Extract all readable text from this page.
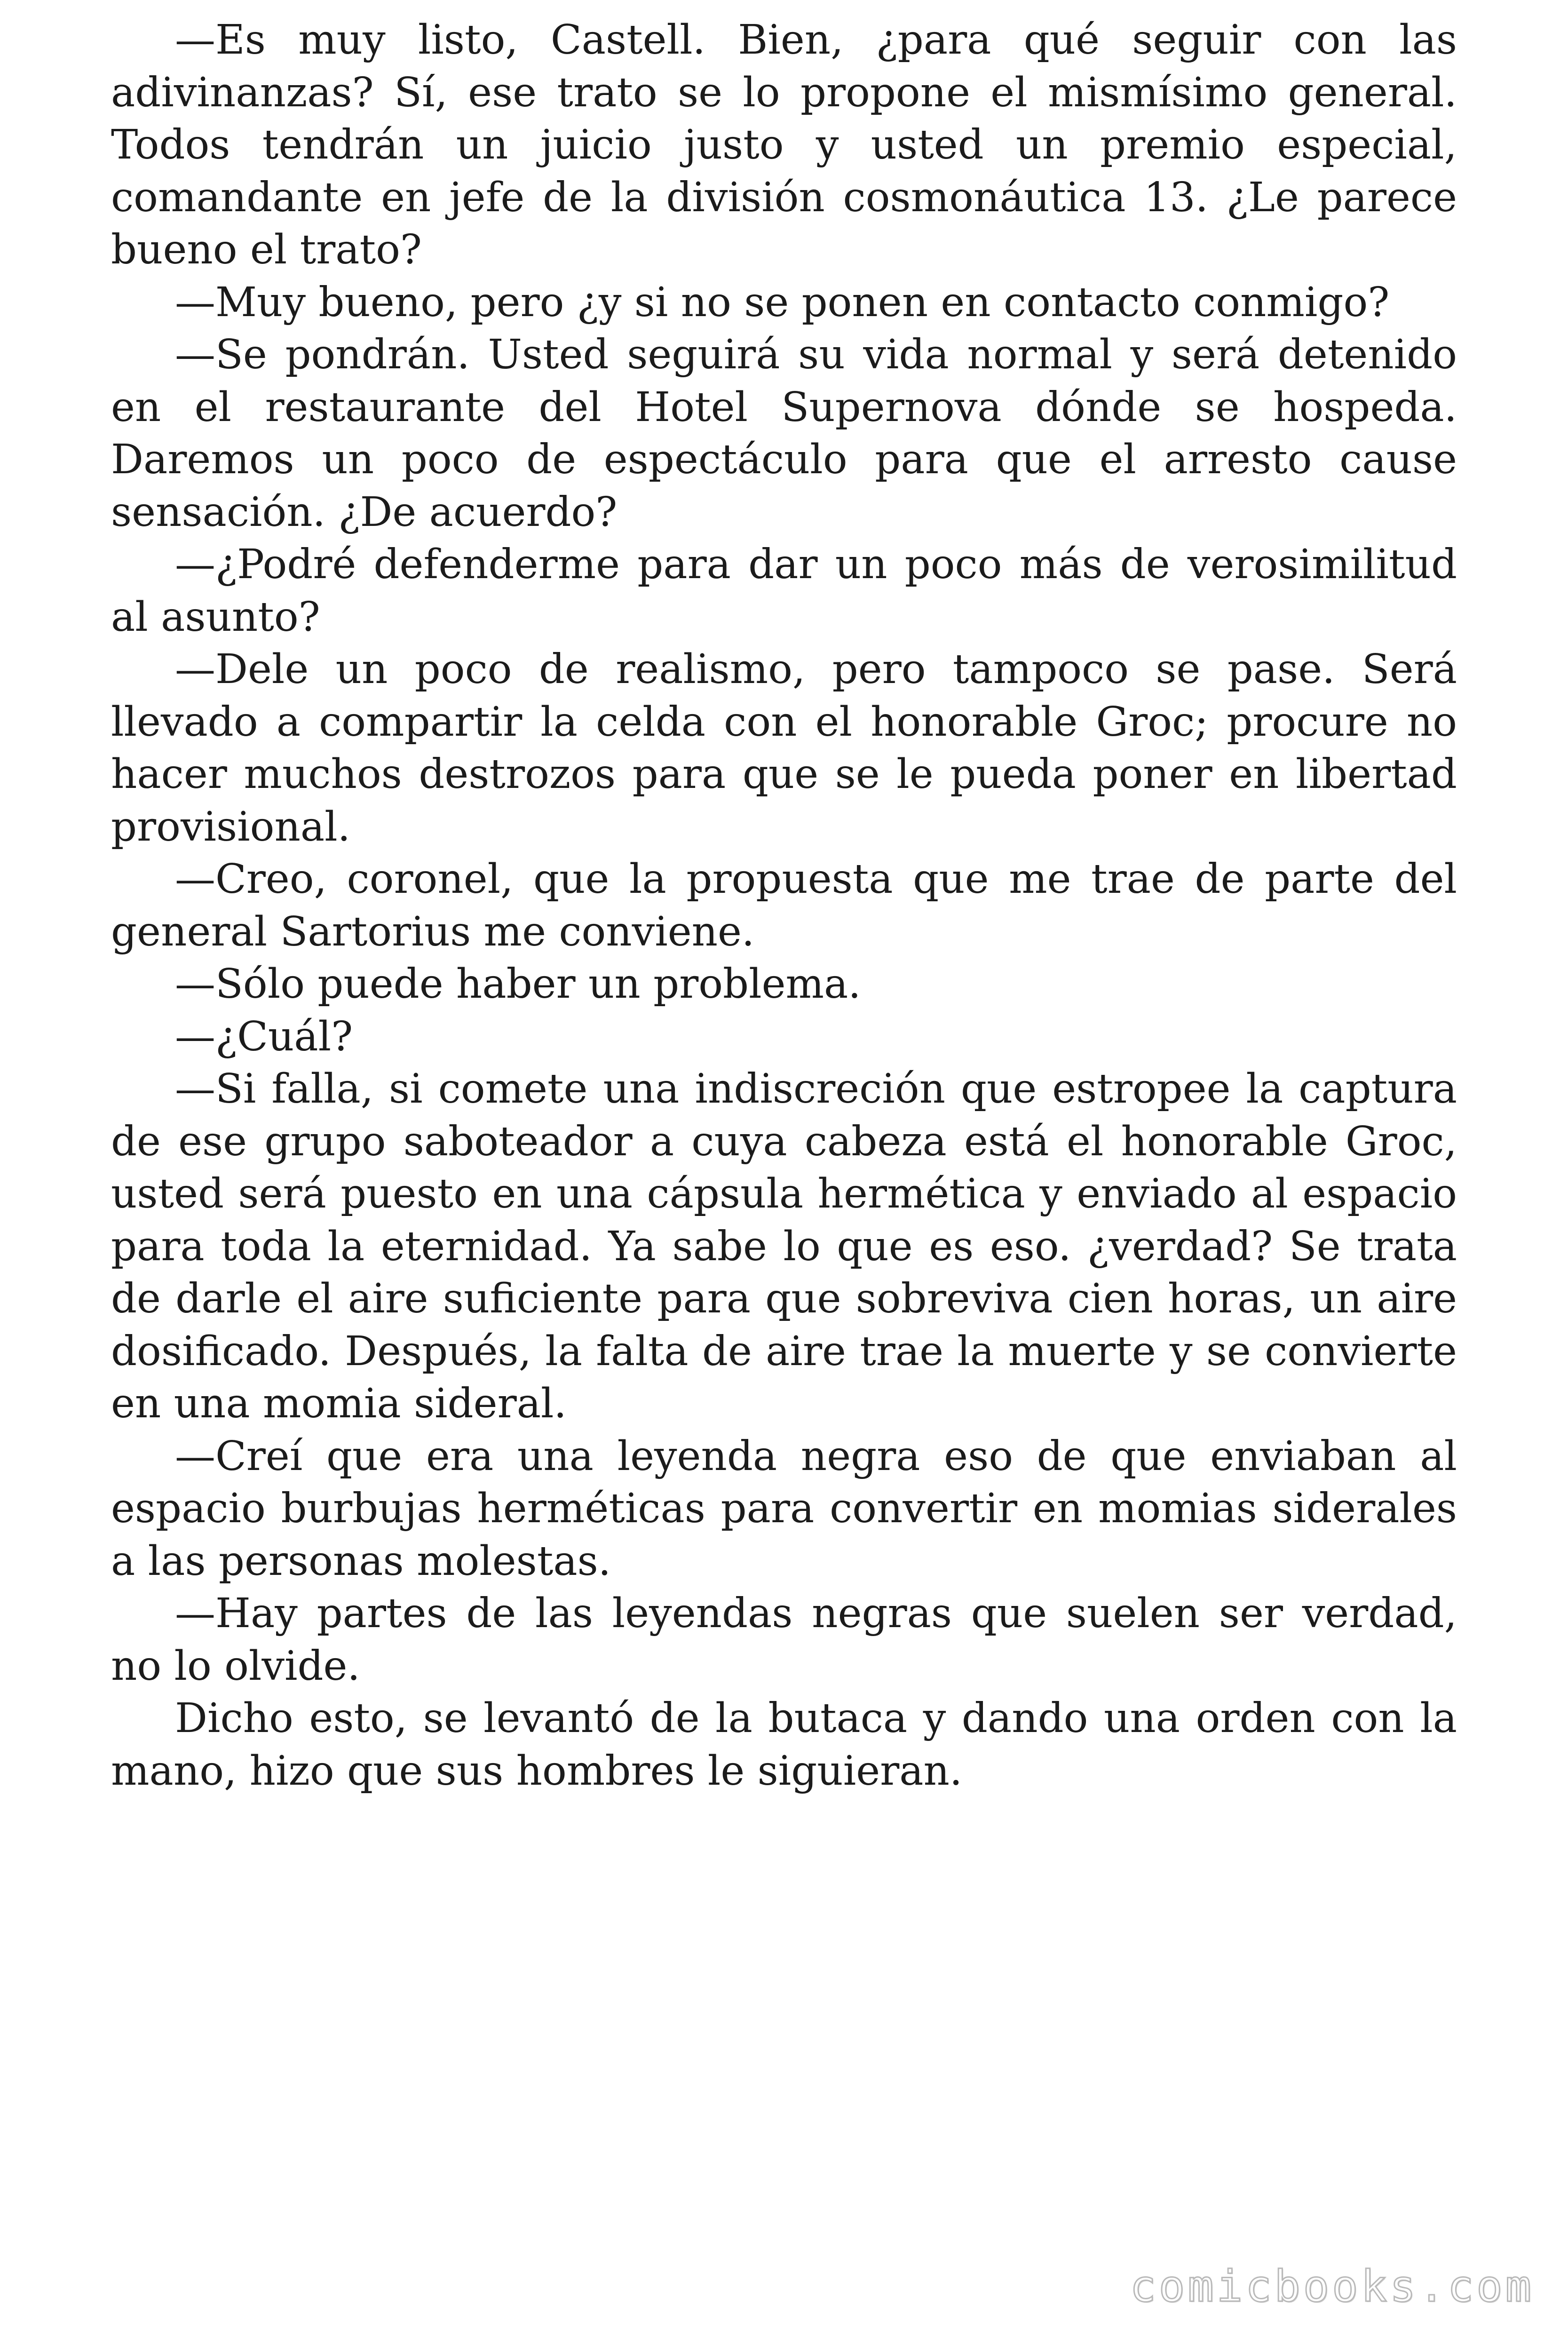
—Es muy listo, Castell. Bien, ¿para qué seguir con las adivinanzas? Sí, ese trato se lo propone el mismísimo general. Todos tendrán un juicio justo y usted un premio especial, comandante en jefe de la división cosmonáutica 13. ¿Le parece bueno el trato?

—Muy bueno, pero ¿y si no se ponen en contacto conmigo?

—Se pondrán. Usted seguirá su vida normal y será detenido en el restaurante del Hotel Supernova dónde se hospeda. Daremos un poco de espectáculo para que el arresto cause sensación. ¿De acuerdo?

—¿Podré defenderme para dar un poco más de verosimilitud al asunto?

—Dele un poco de realismo, pero tampoco se pase. Será llevado a compartir la celda con el honorable Groc; procure no hacer muchos destrozos para que se le pueda poner en libertad provisional.

—Creo, coronel, que la propuesta que me trae de parte del general Sartorius me conviene.

—Sólo puede haber un problema.

—¿Cuál?

—Si falla, si comete una indiscreción que estropee la captura de ese grupo saboteador a cuya cabeza está el honorable Groc, usted será puesto en una cápsula hermética y enviado al espacio para toda la eternidad. Ya sabe lo que es eso. ¿verdad? Se trata de darle el aire suficiente para que sobreviva cien horas, un aire dosificado. Después, la falta de aire trae la muerte y se convierte en una momia sideral.

—Creí que era una leyenda negra eso de que enviaban al espacio burbujas herméticas para convertir en momias siderales a las personas molestas.

—Hay partes de las leyendas negras que suelen ser verdad, no lo olvide.

Dicho esto, se levantó de la butaca y dando una orden con la mano, hizo que sus hombres le siguieran.

comicbooks.com
